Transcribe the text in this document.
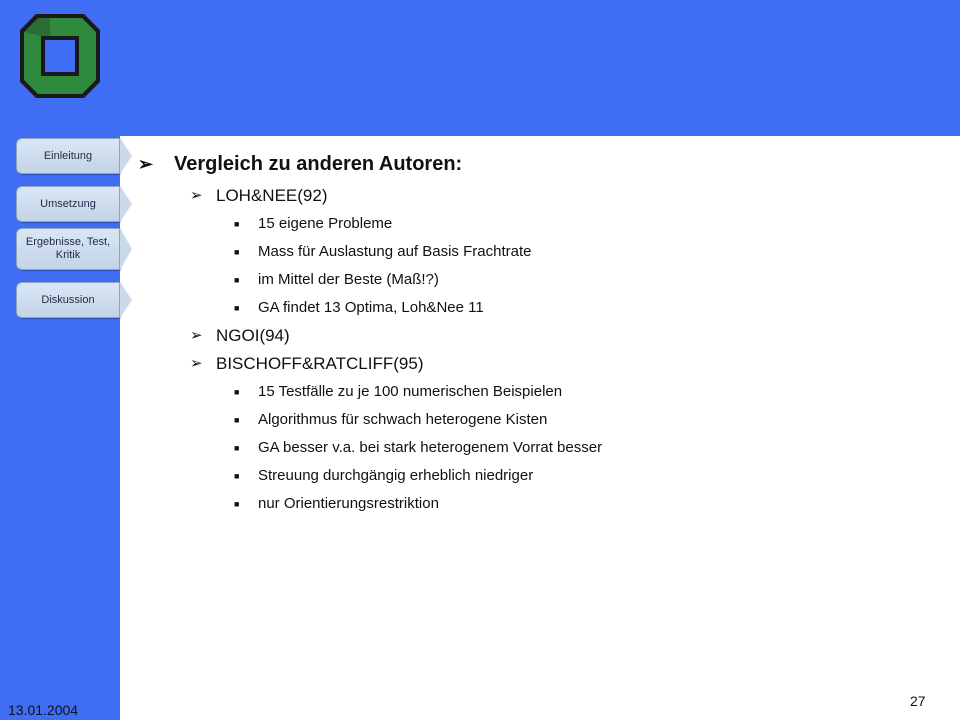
Einleitung
Umsetzung
Ergebnisse, Test, Kritik
Diskussion
➢ Vergleich zu anderen Autoren:
➢ LOH&NEE(92)
■ 15 eigene Probleme
■ Mass für Auslastung auf Basis Frachtrate
■ im Mittel der Beste (Maß!?)
■ GA findet 13 Optima, Loh&Nee 11
➢ NGOI(94)
➢ BISCHOFF&RATCLIFF(95)
■ 15 Testfälle zu je 100 numerischen Beispielen
■ Algorithmus für schwach heterogene Kisten
■ GA besser v.a. bei stark heterogenem Vorrat besser
■ Streuung durchgängig erheblich niedriger
■ nur Orientierungsrestriktion
13.01.2004
27
